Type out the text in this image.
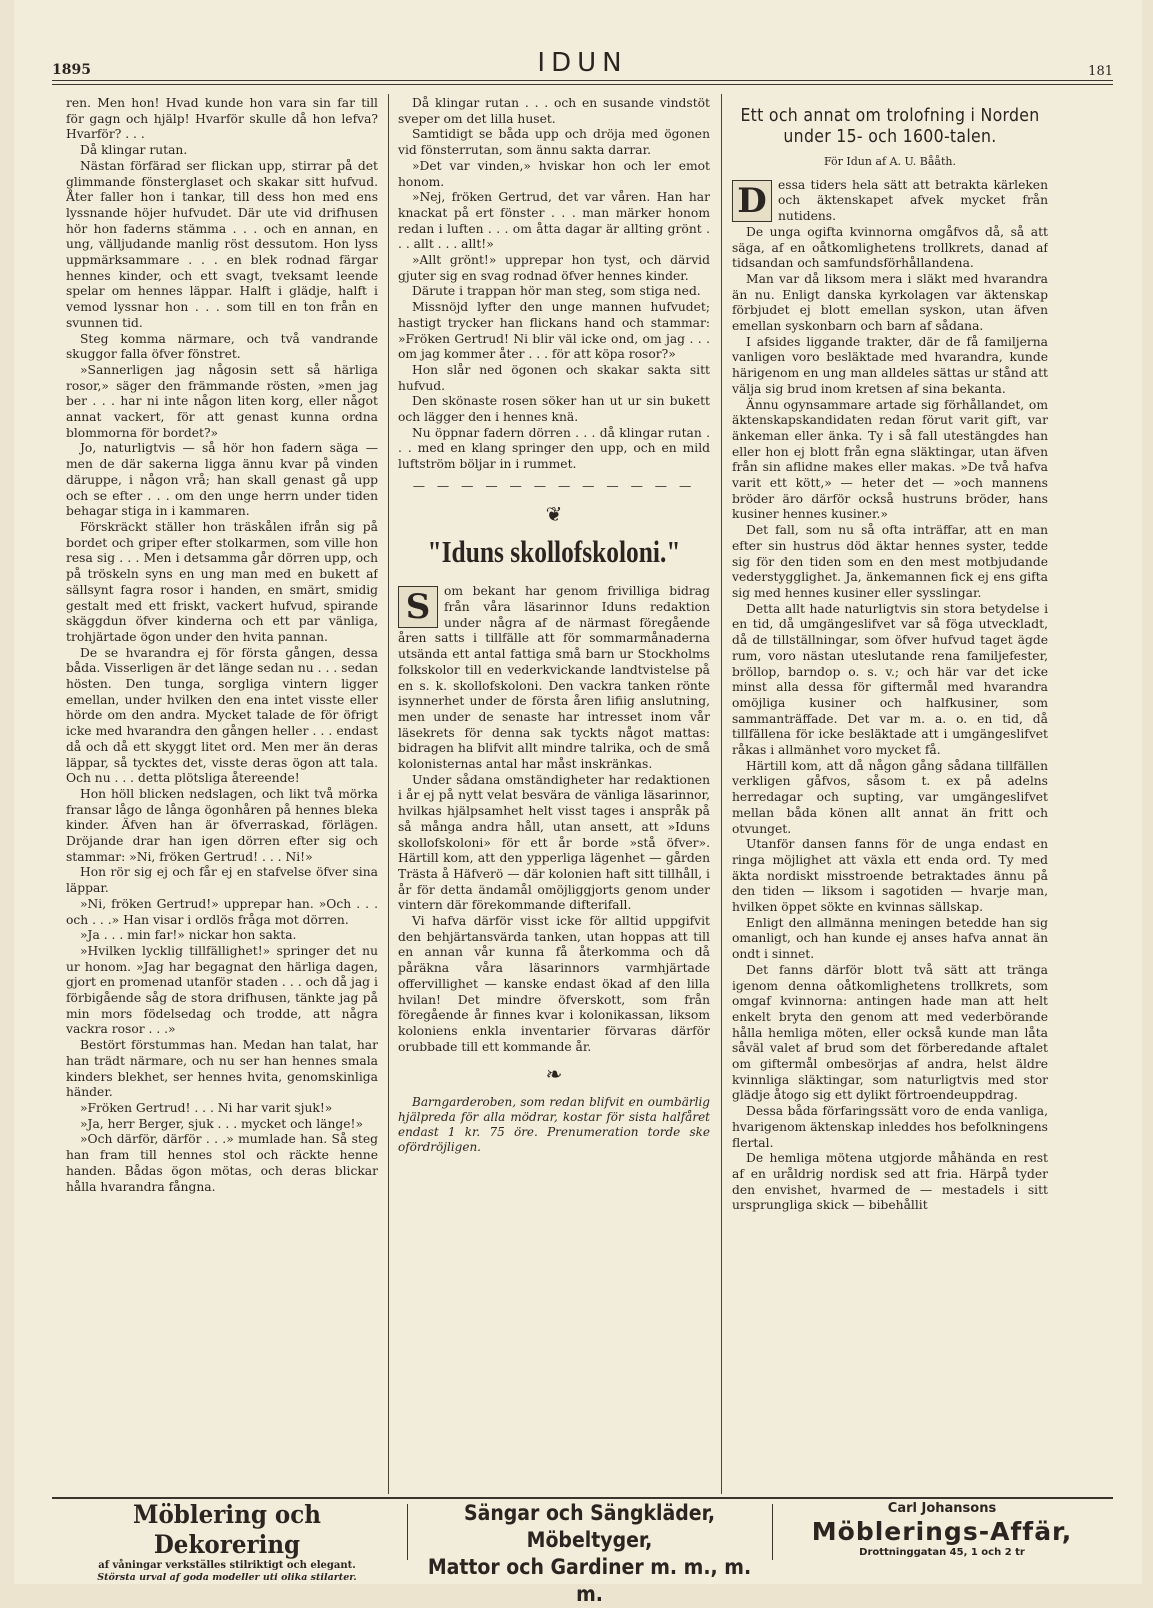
1895	IDUN	181

ren. Men hon! Hvad kunde hon vara sin far till för gagn och hjälp! Hvarför skulle då hon lefva? Hvarför? . . .

Då klingar rutan.

Nästan förfärad ser flickan upp, stirrar på det glimmande fönsterglaset och skakar sitt hufvud. Åter faller hon i tankar, till dess hon med ens lyssnande höjer hufvudet. Där ute vid drifhusen hör hon faderns stämma . . . och en annan, en ung, välljudande manlig röst dessutom. Hon lyss uppmärksammare . . . en blek rodnad färgar hennes kinder, och ett svagt, tveksamt leende spelar om hennes läppar. Halft i glädje, halft i vemod lyssnar hon . . . som till en ton från en svunnen tid.

Steg komma närmare, och två vandrande skuggor falla öfver fönstret.

»Sannerligen jag någosin sett så härliga rosor,» säger den främmande rösten, »men jag ber . . . har ni inte någon liten korg, eller något annat vackert, för att genast kunna ordna blommorna för bordet?»

Jo, naturligtvis — så hör hon fadern säga — men de där sakerna ligga ännu kvar på vinden däruppe, i någon vrå; han skall genast gå upp och se efter . . . om den unge herrn under tiden behagar stiga in i kammaren.

Förskräckt ställer hon träskålen ifrån sig på bordet och griper efter stolkarmen, som ville hon resa sig . . . Men i detsamma går dörren upp, och på tröskeln syns en ung man med en bukett af sällsynt fagra rosor i handen, en smärt, smidig gestalt med ett friskt, vackert hufvud, spirande skäggdun öfver kinderna och ett par vänliga, trohjärtade ögon under den hvita pannan.

De se hvarandra ej för första gången, dessa båda. Visserligen är det länge sedan nu . . . sedan hösten. Den tunga, sorgliga vintern ligger emellan, under hvilken den ena intet visste eller hörde om den andra. Mycket talade de för öfrigt icke med hvarandra den gången heller . . . endast då och då ett skyggt litet ord. Men mer än deras läppar, så tycktes det, visste deras ögon att tala. Och nu . . . detta plötsliga återeende!

Hon höll blicken nedslagen, och likt två mörka fransar lågo de långa ögonhåren på hennes bleka kinder. Äfven han är öfverraskad, förlägen. Dröjande drar han igen dörren efter sig och stammar: »Ni, fröken Gertrud! . . . Ni!»

Hon rör sig ej och får ej en stafvelse öfver sina läppar.

»Ni, fröken Gertrud!» upprepar han. »Och . . . och . . .» Han visar i ordlös fråga mot dörren.

»Ja . . . min far!» nickar hon sakta.

»Hvilken lycklig tillfällighet!» springer det nu ur honom. »Jag har begagnat den härliga dagen, gjort en promenad utanför staden . . . och då jag i förbigående såg de stora drifhusen, tänkte jag på min mors födelsedag och trodde, att några vackra rosor . . .»

Bestört förstummas han. Medan han talat, har han trädt närmare, och nu ser han hennes smala kinders blekhet, ser hennes hvita, genomskinliga händer.

»Fröken Gertrud! . . . Ni har varit sjuk!»

»Ja, herr Berger, sjuk . . . mycket och länge!»

»Och därför, därför . . .» mumlade han. Så steg han fram till hennes stol och räckte henne handen. Bådas ögon mötas, och deras blickar hålla hvarandra fångna.

Då klingar rutan . . . och en susande vindstöt sveper om det lilla huset.

Samtidigt se båda upp och dröja med ögonen vid fönsterrutan, som ännu sakta darrar.

»Det var vinden,» hviskar hon och ler emot honom.

»Nej, fröken Gertrud, det var våren. Han har knackat på ert fönster . . . man märker honom redan i luften . . . om åtta dagar är allting grönt . . . allt . . . allt!»

»Allt grönt!» upprepar hon tyst, och därvid gjuter sig en svag rodnad öfver hennes kinder.

Därute i trappan hör man steg, som stiga ned.

Missnöjd lyfter den unge mannen hufvudet; hastigt trycker han flickans hand och stammar: »Fröken Gertrud! Ni blir väl icke ond, om jag . . . om jag kommer åter . . . för att köpa rosor?»

Hon slår ned ögonen och skakar sakta sitt hufvud.

Den skönaste rosen söker han ut ur sin bukett och lägger den i hennes knä.

Nu öppnar fadern dörren . . . då klingar rutan . . . med en klang springer den upp, och en mild luftström böljar in i rummet.

— — — — — — — — — — — —
❦
"Iduns skollofskoloni."
S	om bekant har genom frivilliga bidrag från våra läsarinnor Iduns redaktion under några af de närmast föregående åren satts i tillfälle att för sommarmånaderna utsända ett antal fattiga små barn ur Stockholms folkskolor till en vederkvickande landtvistelse på en s. k. skollofskoloni. Den vackra tanken rönte isynnerhet under de första åren lifiig anslutning, men under de senaste har intresset inom vår läsekrets för denna sak tyckts något mattas: bidragen ha blifvit allt mindre talrika, och de små kolonisternas antal har måst inskränkas.

Under sådana omständigheter har redaktionen i år ej på nytt velat besvära de vänliga läsarinnor, hvilkas hjälpsamhet helt visst tages i anspråk på så många andra håll, utan ansett, att »Iduns skollofskoloni» för ett år borde »stå öfver». Härtill kom, att den ypperliga lägenhet — gården Trästa å Häfverö — där kolonien haft sitt tillhåll, i år för detta ändamål omöjliggjorts genom under vintern där förekommande difterifall.

Vi hafva därför visst icke för alltid uppgifvit den behjärtansvärda tanken, utan hoppas att till en annan vår kunna få återkomma och då påräkna våra läsarinnors varmhjärtade offervillighet — kanske endast ökad af den lilla hvilan! Det mindre öfverskott, som från föregående år finnes kvar i kolonikassan, liksom koloniens enkla inventarier förvaras därför orubbade till ett kommande år.

❧

Barngarderoben, som redan blifvit en oumbärlig hjälpreda för alla mödrar, kostar för sista halfåret endast 1 kr. 75 öre. Prenumeration torde ske ofördröjligen.

Ett och annat om trolofning i Norden under 15- och 1600-talen.
För Idun af A. U. Bååth.
D essa tiders hela sätt att betrakta kärleken och äktenskapet afvek mycket från nutidens.

De unga ogifta kvinnorna omgåfvos då, så att säga, af en oåtkomlighetens trollkrets, danad af tidsandan och samfundsförhållandena.

Man var då liksom mera i släkt med hvarandra än nu. Enligt danska kyrkolagen var äktenskap förbjudet ej blott emellan syskon, utan äfven emellan syskonbarn och barn af sådana.

I afsides liggande trakter, där de få familjerna vanligen voro besläktade med hvarandra, kunde härigenom en ung man alldeles sättas ur stånd att välja sig brud inom kretsen af sina bekanta.

Ännu ogynsammare artade sig förhållandet, om äktenskapskandidaten redan förut varit gift, var änkeman eller änka. Ty i så fall utestängdes han eller hon ej blott från egna släktingar, utan äfven från sin aflidne makes eller makas. »De två hafva varit ett kött,» — heter det — »och mannens bröder äro därför också hustruns bröder, hans kusiner hennes kusiner.»

Det fall, som nu så ofta inträffar, att en man efter sin hustrus död äktar hennes syster, tedde sig för den tiden som en den mest motbjudande vederstygglighet. Ja, änkemannen fick ej ens gifta sig med hennes kusiner eller sysslingar.

Detta allt hade naturligtvis sin stora betydelse i en tid, då umgängeslifvet var så föga utveckladt, då de tillställningar, som öfver hufvud taget ägde rum, voro nästan uteslutande rena familjefester, bröllop, barndop o. s. v.; och här var det icke minst alla dessa för giftermål med hvarandra omöjliga kusiner och halfkusiner, som sammanträffade. Det var m. a. o. en tid, då tillfällena för icke besläktade att i umgängeslifvet råkas i allmänhet voro mycket få.

Härtill kom, att då någon gång sådana tillfällen verkligen gåfvos, såsom t. ex på adelns herredagar och supting, var umgängeslifvet mellan båda könen allt annat än fritt och otvunget.

Utanför dansen fanns för de unga endast en ringa möjlighet att växla ett enda ord. Ty med äkta nordiskt misstroende betraktades ännu på den tiden — liksom i sagotiden — hvarje man, hvilken öppet sökte en kvinnas sällskap.

Enligt den allmänna meningen betedde han sig omanligt, och han kunde ej anses hafva annat än ondt i sinnet.

Det fanns därför blott två sätt att tränga igenom denna oåtkomlighetens trollkrets, som omgaf kvinnorna: antingen hade man att helt enkelt bryta den genom att med vederbörande hålla hemliga möten, eller också kunde man låta såväl valet af brud som det förberedande aftalet om giftermål ombesörjas af andra, helst äldre kvinnliga släktingar, som naturligtvis med stor glädje åtogo sig ett dylikt förtroendeuppdrag.

Dessa båda förfaringssätt voro de enda vanliga, hvarigenom äktenskap inleddes hos befolkningens flertal.

De hemliga mötena utgjorde måhända en rest af en uråldrig nordisk sed att fria. Härpå tyder den envishet, hvarmed de — mestadels i sitt ursprungliga skick — bibehållit

Möblering och Dekorering
af våningar verkställes stilriktigt och elegant.
Största urval af goda modeller uti olika stilarter.
Sängar och Sängkläder, Möbeltyger,
Mattor och Gardiner m. m., m. m.
Carl Johansons
Möblerings-Affär,
Drottninggatan 45, 1 och 2 tr
